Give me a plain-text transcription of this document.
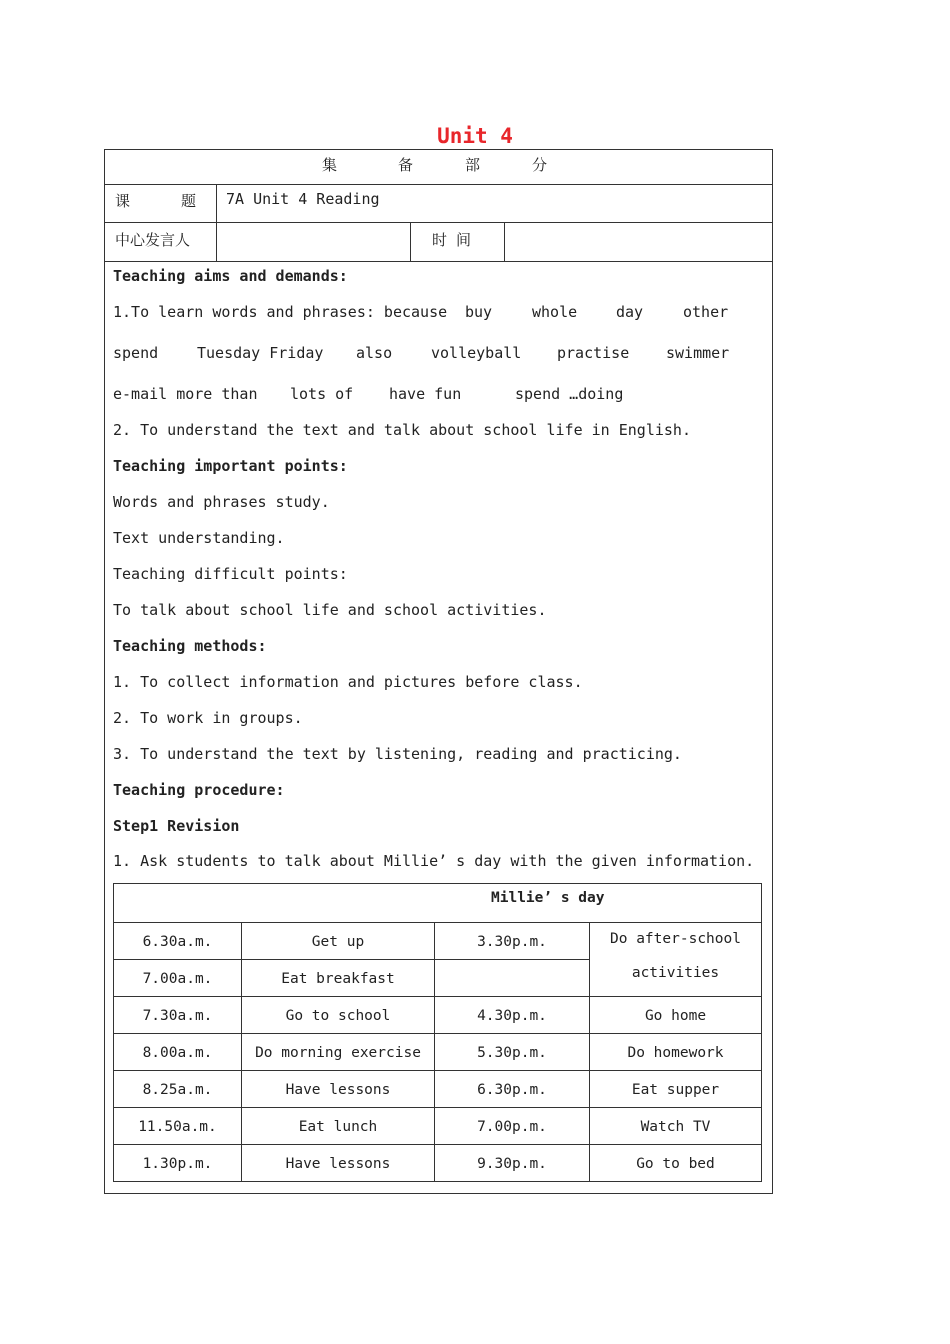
Unit 4
集	备	部	分
课	题 7A Unit 4 Reading
中心发言人	时 间
Teaching aims and demands:
1.To learn words and phrases: because buy	whole	day	other
spend	Tuesday Friday also	volleyball practise swimmer
e-mail more than lots of have fun	spend …doing
2. To understand the text and talk about school life in English.
Teaching important points:
Words and phrases study.
Text understanding.
Teaching difficult points:
To talk about school life and school activities.
Teaching methods:
1. To collect information and pictures before class.
2. To work in groups.
3. To understand the text by listening, reading and practicing.
Teaching procedure:
Step1 Revision
1. Ask students to talk about Millie’ s day with the given information.
Millie’ s day			

6.30a.m.	Get up	3.30p.m.	Do after-school
activities

7.00a.m.	Eat breakfast		

7.30a.m.	Go to school	4.30p.m.	Go home

8.00a.m.	Do morning exercise	5.30p.m.	Do homework

8.25a.m.	Have lessons	6.30p.m.	Eat supper

11.50a.m.	Eat lunch	7.00p.m.	Watch TV

1.30p.m.	Have lessons	9.30p.m.	Go to bed
